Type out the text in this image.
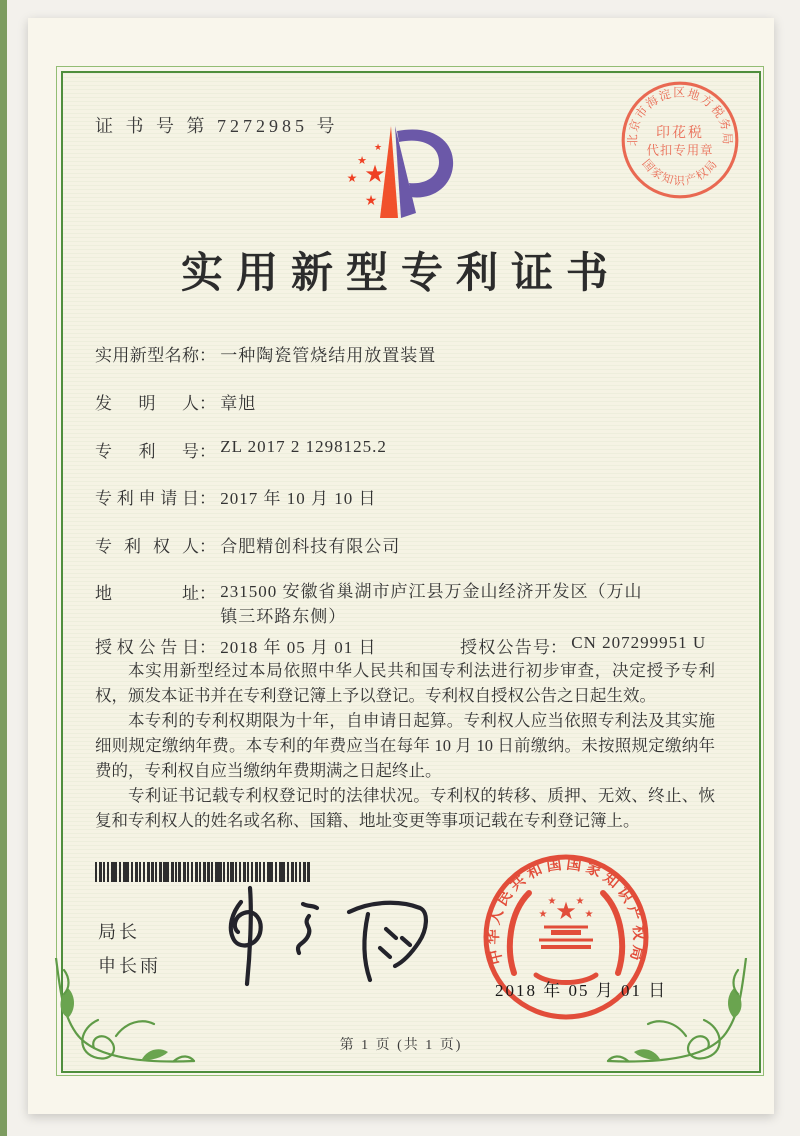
证 书 号 第 7272985 号
★
★
★ ★
★
北京市海淀区地方税务局
国家知识产权局
印花税
代扣专用章
实用新型专利证书
实用新型名称： 一种陶瓷管烧结用放置装置
发明人： 章旭
专利号： ZL 2017 2 1298125.2
专利申请日： 2017 年 10 月 10 日
专利权人： 合肥精创科技有限公司
地址： 231500 安徽省巢湖市庐江县万金山经济开发区（万山镇三环路东侧）
授权公告日： 2018 年 05 月 01 日	授权公告号： CN 207299951 U

本实用新型经过本局依照中华人民共和国专利法进行初步审查，决定授予专利权，颁发本证书并在专利登记簿上予以登记。专利权自授权公告之日起生效。

本专利的专利权期限为十年，自申请日起算。专利权人应当依照专利法及其实施细则规定缴纳年费。本专利的年费应当在每年 10 月 10 日前缴纳。未按照规定缴纳年费的，专利权自应当缴纳年费期满之日起终止。

专利证书记载专利权登记时的法律状况。专利权的转移、质押、无效、终止、恢复和专利权人的姓名或名称、国籍、地址变更等事项记载在专利登记簿上。

局长
申长雨
中华人民共和国国家知识产权局
★
★
★ ★
★
2018 年 05 月 01 日
第 1 页 (共 1 页)
